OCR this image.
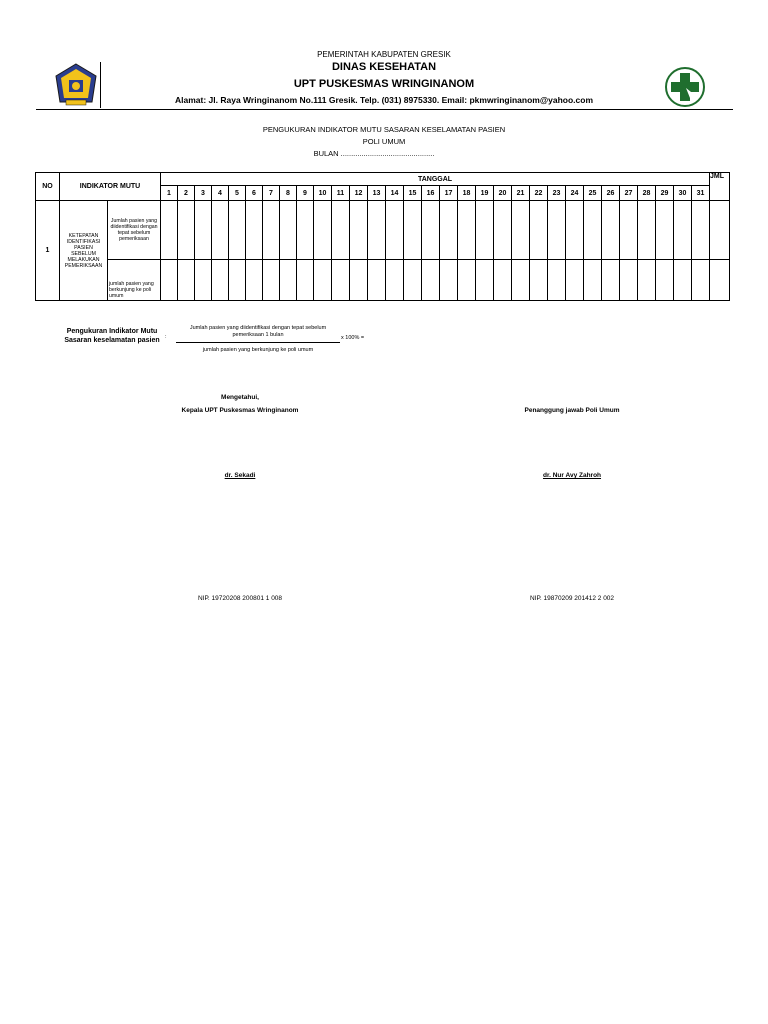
PEMERINTAH KABUPATEN GRESIK
DINAS KESEHATAN
UPT PUSKESMAS WRINGINANOM
Alamat: Jl. Raya Wringinanom No.111 Gresik. Telp. (031) 8975330. Email: pkmwringinanom@yahoo.com
PENGUKURAN INDIKATOR MUTU SASARAN KESELAMATAN PASIEN
POLI UMUM
BULAN .............................................
NO	INDIKATOR MUTU		TANGGAL																															JML
			1	2	3	4	5	6	7	8	9	10	11	12	13	14	15	16	17	18	19	20	21	22	23	24	25	26	27	28	29	30	31	
1	KETEPATAN IDENTIFIKASI PASIEN SEBELUM MELAKUKAN PEMERIKSAAN	Jumlah pasien yang diidentifikasi dengan tepat sebelum pemeriksaan																																
		jumlah pasien yang berkunjung ke poli umum																																
Pengukuran Indikator Mutu Sasaran keselamatan pasien :
Jumlah pasien yang diidentifikasi dengan tepat sebelum pemeriksaan 1 bulan
jumlah pasien yang berkunjung ke poli umum
x 100% =
Mengetahui,
Kepala UPT Puskesmas Wringinanom	Penanggung jawab Poli Umum
dr. Sekadi	dr. Nur Avy Zahroh
NIP. 19720208 200801 1 008	NIP. 19870209 201412 2 002
